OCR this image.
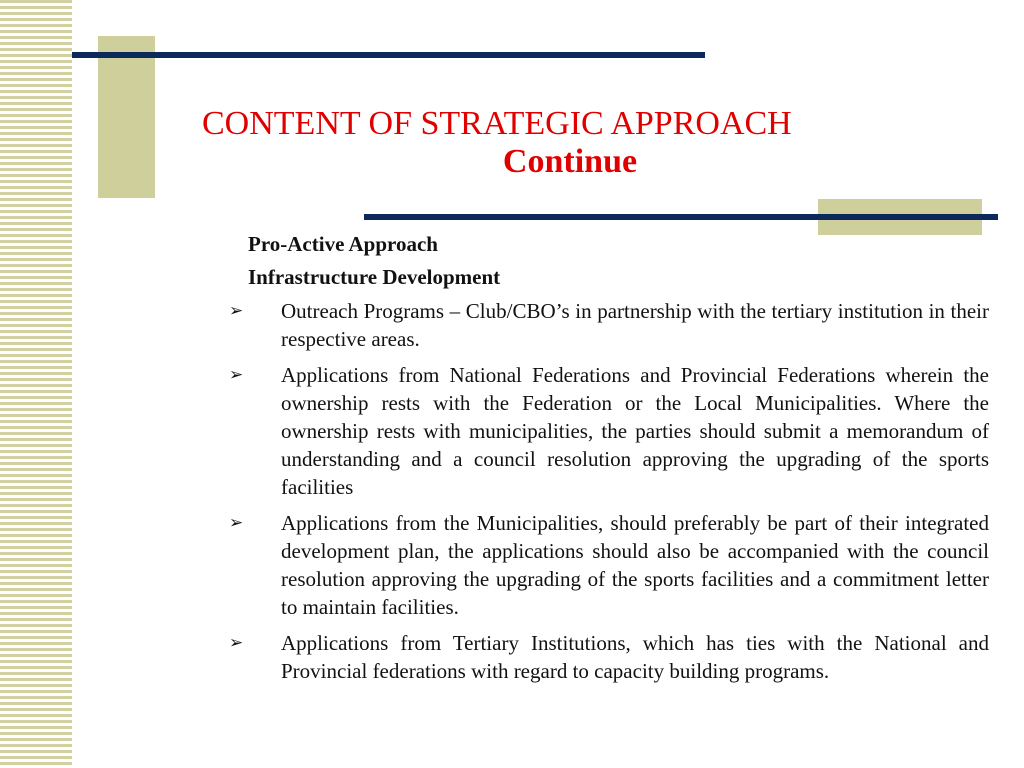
CONTENT OF STRATEGIC APPROACH
Continue
Pro-Active Approach
Infrastructure Development
➢ Outreach Programs – Club/CBO’s in partnership with the tertiary institution in their respective areas.
➢ Applications from National Federations and Provincial Federations wherein the ownership rests with the Federation or the Local Municipalities. Where the ownership rests with municipalities, the parties should submit a memorandum of understanding and a council resolution approving the upgrading of the sports facilities
➢ Applications from the Municipalities, should preferably be part of their integrated development plan, the applications should also be accompanied with the council resolution approving the upgrading of the sports facilities and a commitment letter to maintain facilities.
➢ Applications from Tertiary Institutions, which has ties with the National and Provincial federations with regard to capacity building programs.
